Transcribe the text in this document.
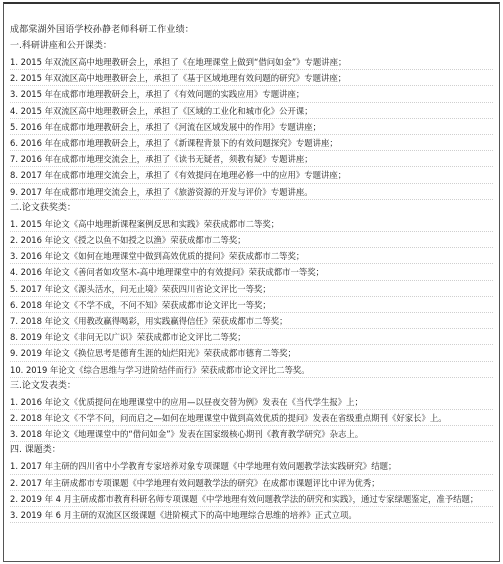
成都棠湖外国语学校孙静老师科研工作业绩：
一.科研讲座和公开课类：
1. 2015 年双流区高中地理教研会上，承担了《在地理课堂上做到“借问如金”》专题讲座；
2. 2015 年双流区高中地理教研会上，承担了《基于区域地理有效问题的研究》专题讲座；
3. 2015 年在成都市地理教研会上，承担了《有效问题的实践应用》专题讲座；
4. 2015 年双流区高中地理教研会上，承担了《区域的工业化和城市化》公开课；
5. 2016 年在成都市地理教研会上，承担了《河流在区域发展中的作用》专题讲座；
6. 2016 年在成都市地理教研会上，承担了《新课程背景下的有效问题探究》专题讲座；
7. 2016 年在成都市地理交流会上，承担了《读书无疑者，须教有疑》专题讲座；
8. 2017 年在成都市地理交流会上，承担了《有效提问在地理必修一中的应用》专题讲座；
9. 2017 年在成都市地理交流会上，承担了《旅游资源的开发与评价》专题讲座。
二.论文获奖类：
1. 2015 年论文《高中地理新课程案例反思和实践》荣获成都市二等奖；
2. 2016 年论文《授之以鱼不如授之以渔》荣获成都市二等奖；
3. 2016 年论文《如何在地理课堂中做到高效优质的提问》荣获成都市二等奖；
4. 2016 年论文《善问者如攻坚木-高中地理课堂中的有效提问》荣获成都市一等奖；
5. 2017 年论文《源头活水，问无止境》荣获四川省论文评比一等奖；
6. 2018 年论文《不学不成，不问不知》荣获成都市论文评比一等奖；
7. 2018 年论文《用教改赢得喝彩，用实践赢得信任》荣获成都市二等奖；
8. 2019 年论文《非问无以广识》荣获成都市论文评比二等奖；
9. 2019 年论文《换位思考是德育生涯的灿烂阳光》荣获成都市德育二等奖；
10. 2019 年论文《综合思维与学习进阶结伴而行》荣获成都市论文评比二等奖。
三.论文发表类：
1. 2016 年论文《优质提问在地理课堂中的应用—以昼夜交替为例》发表在《当代学生报》上；
2. 2018 年论文《不学不问，问而启之—如何在地理课堂中做到高效优质的提问》发表在省级重点期刊《好家长》上。
3. 2018 年论文《地理课堂中的“借问如金”》发表在国家级核心期刊《教育教学研究》杂志上。
四. 课题类：
1. 2017 年主研的四川省中小学教育专家培养对象专项课题《中学地理有效问题教学法实践研究》结题；
2. 2017 年主研成都市专项课题《中学地理有效问题教学法的研究》在成都市课题评比中评为优秀；
2. 2019 年 4 月主研成都市教育科研名师专项课题《中学地理有效问题教学法的研究和实践》，通过专家绿题鉴定，准予结题；
3. 2019 年 6 月主研的双流区区级课题《进阶模式下的高中地理综合思维的培养》正式立项。
